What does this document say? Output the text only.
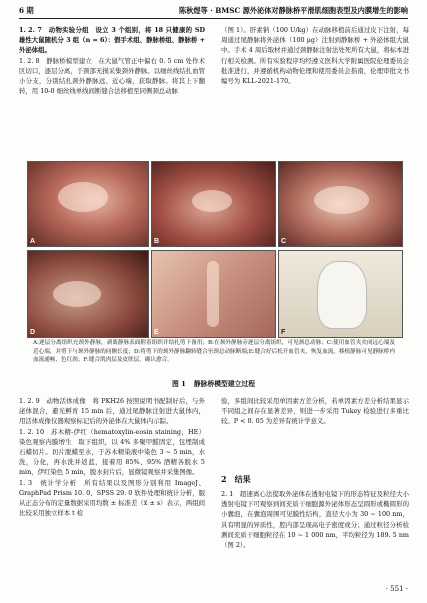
6 期	陈秋煜等 · BMSC 源外泌体对静脉桥平滑肌细胞表型及内膜增生的影响

1. 2. 7　动物实验分组　设立 3 个组别，将 18 只健康的 SD 雄性大鼠随机分 3 组（n = 6）：假手术组、静脉桥组、静脉桥 + 外泌体组。

1. 2. 8　静脉桥模型建立　在大鼠气管正中偏右 0. 5 cm 处作术区切口，逐层分离，于颈部无损采集颈外静脉。以细丝线结扎血管小分支，分别结扎颈外静脉远、近心端，获取静脉。将其上下翻转，用 10-0 细丝线单线间断缝合法移植至同侧颈总动脉

（图 1）。肝素钠（100 U/kg）在动脉移植前后通过皮下注射，每周通过尾静脉将外泌体（100 μg）注射到静脉桥 + 外泌体组大鼠中。手术 4 周后取材并通过颈静脉注射法处死所有大鼠，将标本进行相关检测。所有实验程序均经遵义医科大学附属医院伦理委员会批准进行，并遵循机构动物伦理和使用委员会指南，伦理审批文书编号为 KLL-2021-170。

A	B	C
D	E	F
A:逐层分离组织充颈外静脉，剥离静脉表面附着组织并结扎剪下备用；B:在颈外静脉旁逐层分离组织，可见颈总动脉；C:使用血管夹夹闭远心端及近心端，并剪下与颈外静脉的同侧长度；D:将剪下的颈外静脉翻转缝合至颈总动脉断端;E:缝合好后松开血管夹，恢复血流，移植静脉可见静脉桥内血流通畅，色红润；F:缝合肌肉层及皮肤层，确认愈合。
图 1 静脉桥模型建立过程

1. 2. 9　动物活体成像　将 PKH26 按照说明书配制好后，与外泌体混合，避光孵育 15 min 后，通过尾静脉注射进大鼠体内，用活体成像仪器观察标记后的外泌体在大鼠体内示踪。

1. 2. 10　苏木精-伊红（hematoxylin-eosin staining，HE）染色观察内膜增生　取下组织，以 4% 多聚甲醛固定，包埋制成石蜡切片。切片脱蜡至水，于苏木精染液中染色 3 ~ 5 min，水洗，分化，再水洗并返蓝，接着用 85%、95% 酒精各脱水 5 min，伊红染色 5 min，脱水封片后，显微镜观察并采集图像。

1. 3　统计学分析　所有结果以及图形分别利用 ImageJ、GraphPad Prism 10. 0、SPSS 29. 0 软件处理和统计分析，服从正态分布的定量数据采用均数 ± 标准差（x̄ ± s）表示，两组间比较采用独立样本 t 检

验，多组间比较采用单因素方差分析，若单因素方差分析结果显示不同组之间存在显著差异，则进一步采用 Tukey 检验进行多重比较。P < 0. 05 为差异有统计学意义。

2　结果

2. 1　超速离心法提取外泌体在透射电镜下的形态特征及粒径大小　透射电镜下可观察到间充质干细胞源外泌体形态呈圆形或椭圆形的小囊泡，在囊泡周围可见膜性结构，直径大小为 30 ~ 100 nm，具有明显的异质性，腔内部呈现高电子密度或分；通过粒径分析检测间充质干细胞粒径在 10 ~ 1 000 nm，平均粒径为 189. 5 nm（图 2）。

· 551 ·
